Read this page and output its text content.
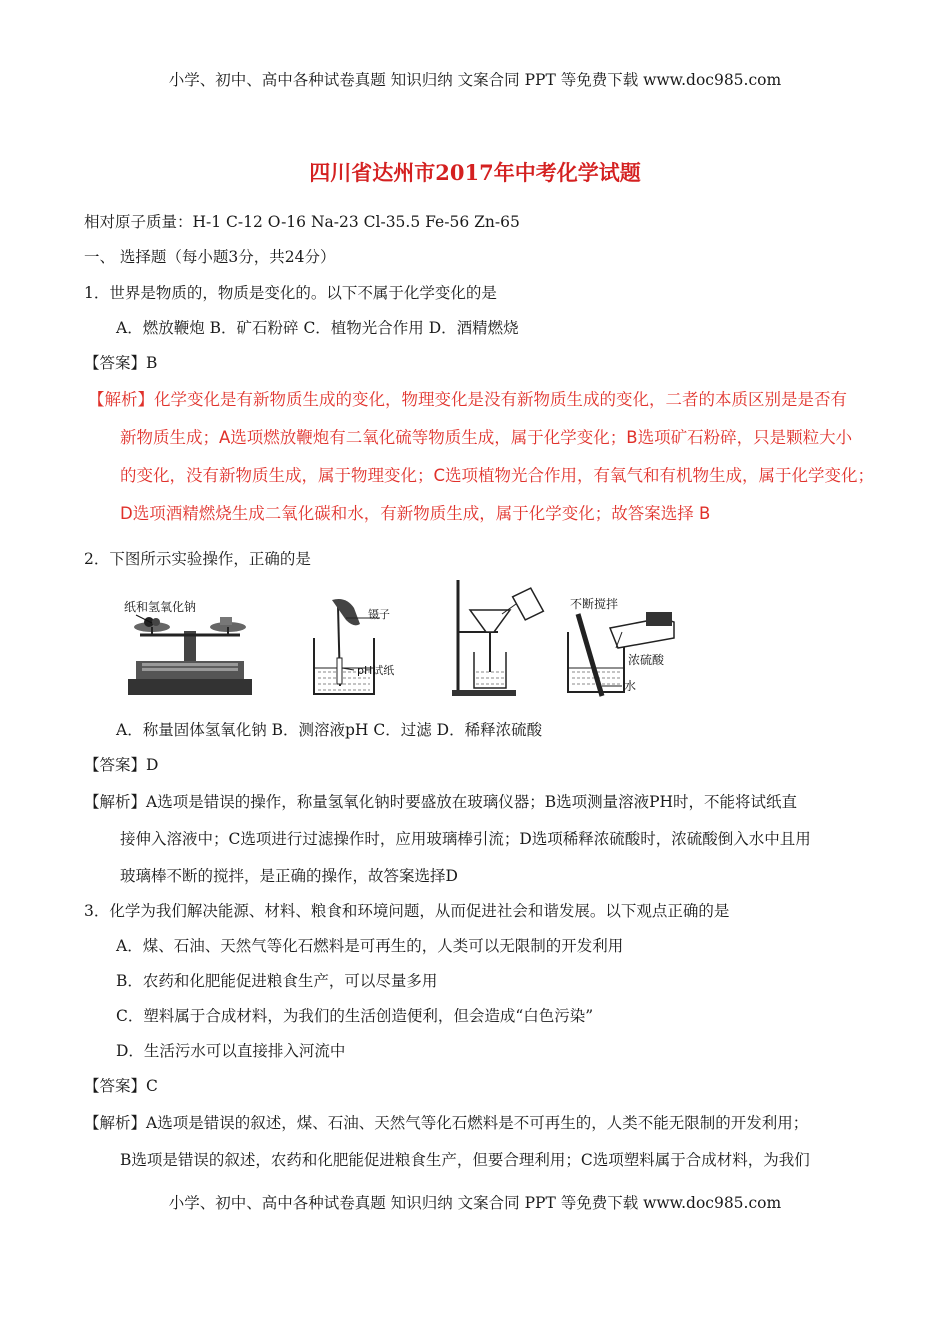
小学、初中、高中各种试卷真题 知识归纳 文案合同 PPT 等免费下载 www.doc985.com
四川省达州市2017年中考化学试题
相对原子质量：H-1 C-12 O-16 Na-23 Cl-35.5 Fe-56 Zn-65
一、 选择题（每小题3分，共24分）
1．世界是物质的，物质是变化的。以下不属于化学变化的是
A．燃放鞭炮 B．矿石粉碎 C．植物光合作用 D．酒精燃烧
【答案】B
【解析】化学变化是有新物质生成的变化，物理变化是没有新物质生成的变化，二者的本质区别是是否有
新物质生成；A选项燃放鞭炮有二氧化硫等物质生成，属于化学变化；B选项矿石粉碎，只是颗粒大小
的变化，没有新物质生成，属于物理变化；C选项植物光合作用，有氧气和有机物生成，属于化学变化；
D选项酒精燃烧生成二氧化碳和水，有新物质生成，属于化学变化；故答案选择 B
2．下图所示实验操作，正确的是
纸和氢氧化钠
镊子
pH试纸
不断搅拌
浓硫酸
水
A．称量固体氢氧化钠 B．测溶液pH C．过滤 D．稀释浓硫酸
【答案】D
【解析】A选项是错误的操作，称量氢氧化钠时要盛放在玻璃仪器；B选项测量溶液PH时，不能将试纸直
接伸入溶液中；C选项进行过滤操作时，应用玻璃棒引流；D选项稀释浓硫酸时，浓硫酸倒入水中且用
玻璃棒不断的搅拌，是正确的操作，故答案选择D
3．化学为我们解决能源、材料、粮食和环境问题，从而促进社会和谐发展。以下观点正确的是
A．煤、石油、天然气等化石燃料是可再生的，人类可以无限制的开发利用
B．农药和化肥能促进粮食生产，可以尽量多用
C．塑料属于合成材料，为我们的生活创造便利，但会造成“白色污染”
D．生活污水可以直接排入河流中
【答案】C
【解析】A选项是错误的叙述，煤、石油、天然气等化石燃料是不可再生的，人类不能无限制的开发利用；
B选项是错误的叙述，农药和化肥能促进粮食生产，但要合理利用；C选项塑料属于合成材料，为我们
小学、初中、高中各种试卷真题 知识归纳 文案合同 PPT 等免费下载 www.doc985.com
